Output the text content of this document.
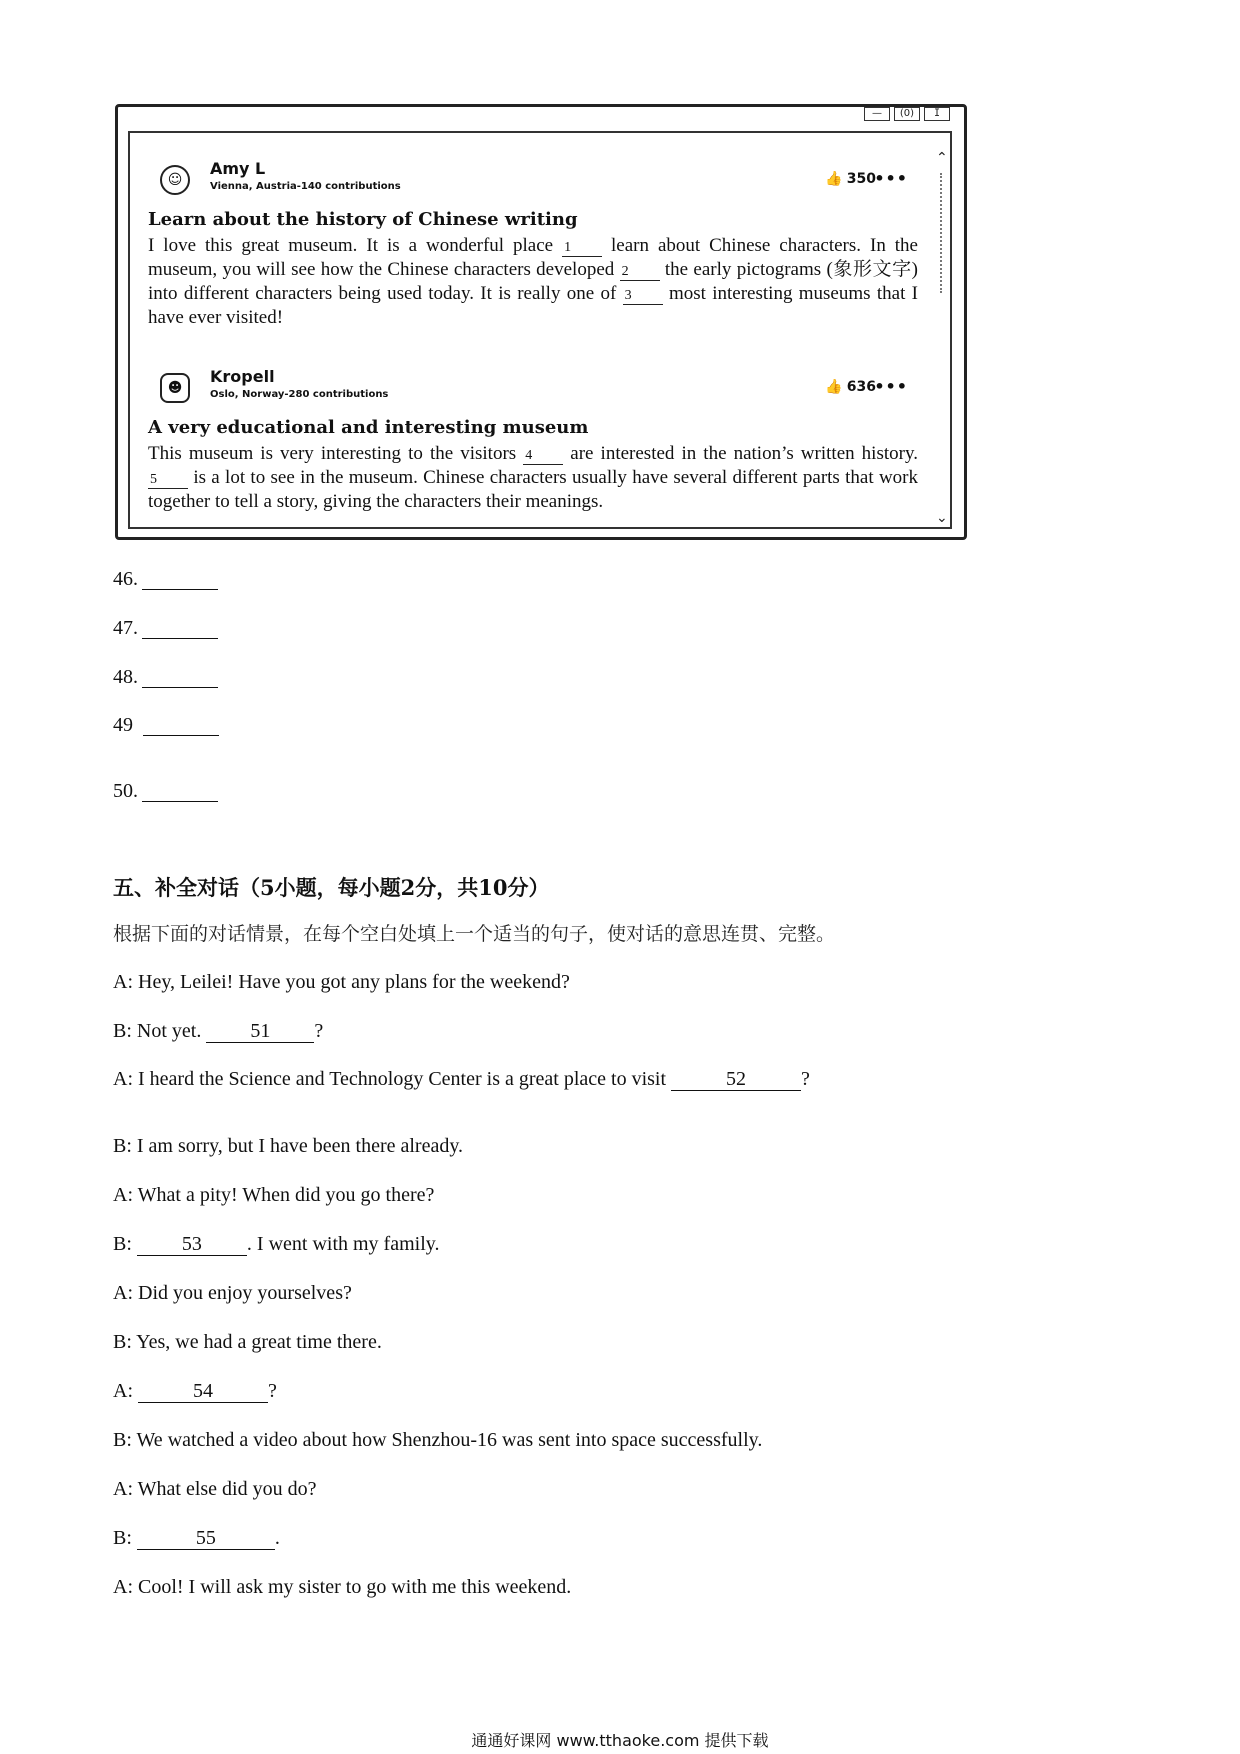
—	(0)	ⵊ
⌃
⌄
☺
Amy L
Vienna, Austria-140 contributions	👍 350
•••
Learn about the history of Chinese writing
I love this great museum. It is a wonderful place 1 learn about Chinese characters. In the museum, you will see how the Chinese characters developed 2 the early pictograms (象形文字) into different characters being used today. It is really one of 3 most interesting museums that I have ever visited!
☻
Kropell
Oslo, Norway-280 contributions	👍 636
•••
A very educational and interesting museum
This museum is very interesting to the visitors 4 are interested in the nation’s written history. 5 is a lot to see in the museum. Chinese characters usually have several different parts that work together to tell a story, giving the characters their meanings.
46.
47.
48.
49
50.
五、补全对话（5小题，每小题2分，共10分）
根据下面的对话情景，在每个空白处填上一个适当的句子，使对话的意思连贯、完整。
A: Hey, Leilei! Have you got any plans for the weekend?
B: Not yet. 51 ?
A: I heard the Science and Technology Center is a great place to visit	52	?
B: I am sorry, but I have been there already.
A: What a pity! When did you go there?
B: 53 . I went with my family.
A: Did you enjoy yourselves?
B: Yes, we had a great time there.
A:	54	?
B: We watched a video about how Shenzhou-16 was sent into space successfully.
A: What else did you do?
B:	55	.
A: Cool! I will ask my sister to go with me this weekend.
通通好课网 www.tthaoke.com 提供下载
